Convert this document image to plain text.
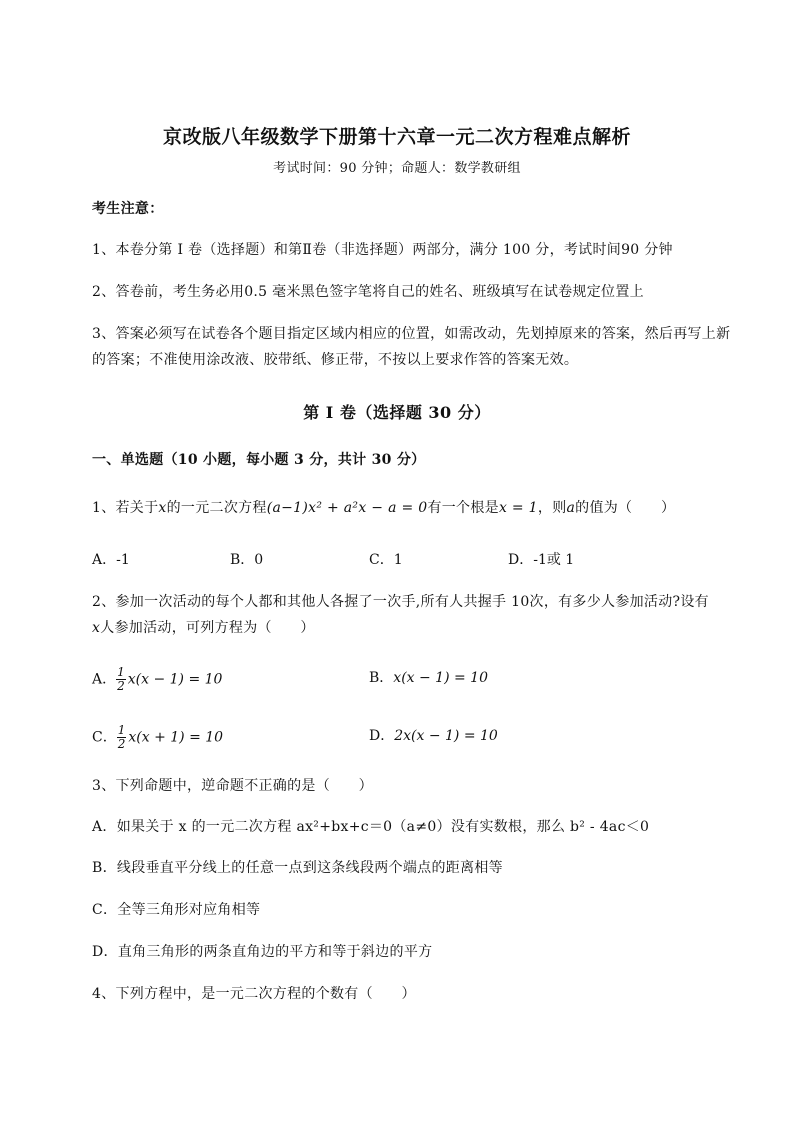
京改版八年级数学下册第十六章一元二次方程难点解析
考试时间：90 分钟；命题人：数学教研组
考生注意：
1、本卷分第 I 卷（选择题）和第Ⅱ卷（非选择题）两部分，满分 100 分，考试时间90 分钟
2、答卷前，考生务必用0.5 毫米黑色签字笔将自己的姓名、班级填写在试卷规定位置上
3、答案必须写在试卷各个题目指定区域内相应的位置，如需改动，先划掉原来的答案，然后再写上新
的答案；不准使用涂改液、胶带纸、修正带，不按以上要求作答的答案无效。
第 I 卷（选择题 30 分）
一、单选题（10 小题，每小题 3 分，共计 30 分）
1、若关于x的一元二次方程(a−1)x² + a²x − a = 0有一个根是x = 1，则a的值为（　　）
A．-1	B．0	C．1	D．-1或 1
2、参加一次活动的每个人都和其他人各握了一次手,所有人共握手 10次，有多少人参加活动?设有
x人参加活动，可列方程为（　　）
A． $\frac{1}{2} x(x - 1) = 10$	B．x(x − 1) = 10
C． $\frac{1}{2} x(x + 1) = 10$	D．2x(x − 1) = 10
3、下列命题中，逆命题不正确的是（　　）
A．如果关于 x 的一元二次方程 ax²+bx+c＝0（a≠0）没有实数根，那么 b² - 4ac＜0
B．线段垂直平分线上的任意一点到这条线段两个端点的距离相等
C．全等三角形对应角相等
D．直角三角形的两条直角边的平方和等于斜边的平方
4、下列方程中，是一元二次方程的个数有（　　）
